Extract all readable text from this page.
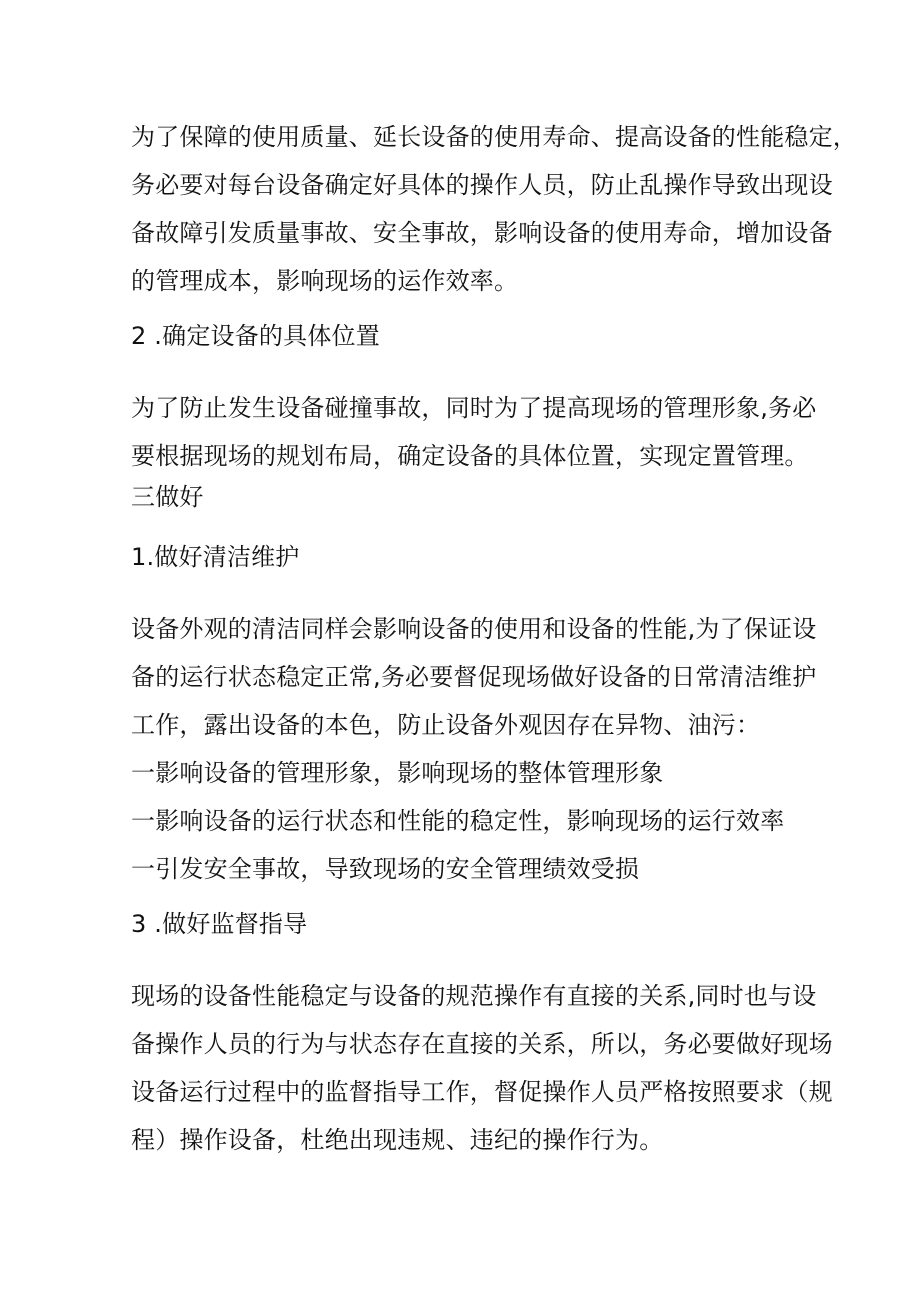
为了保障的使用质量、延长设备的使用寿命、提高设备的性能稳定，

务必要对每台设备确定好具体的操作人员，防止乱操作导致出现设

备故障引发质量事故、安全事故，影响设备的使用寿命，增加设备

的管理成本，影响现场的运作效率。

2 .确定设备的具体位置

为了防止发生设备碰撞事故，同时为了提高现场的管理形象,务必

要根据现场的规划布局，确定设备的具体位置，实现定置管理。

三做好

1.做好清洁维护

设备外观的清洁同样会影响设备的使用和设备的性能,为了保证设

备的运行状态稳定正常,务必要督促现场做好设备的日常清洁维护

工作，露出设备的本色，防止设备外观因存在异物、油污：

一影响设备的管理形象，影响现场的整体管理形象

一影响设备的运行状态和性能的稳定性，影响现场的运行效率

一引发安全事故，导致现场的安全管理绩效受损

3 .做好监督指导

现场的设备性能稳定与设备的规范操作有直接的关系,同时也与设

备操作人员的行为与状态存在直接的关系，所以，务必要做好现场

设备运行过程中的监督指导工作，督促操作人员严格按照要求（规

程）操作设备，杜绝出现违规、违纪的操作行为。
